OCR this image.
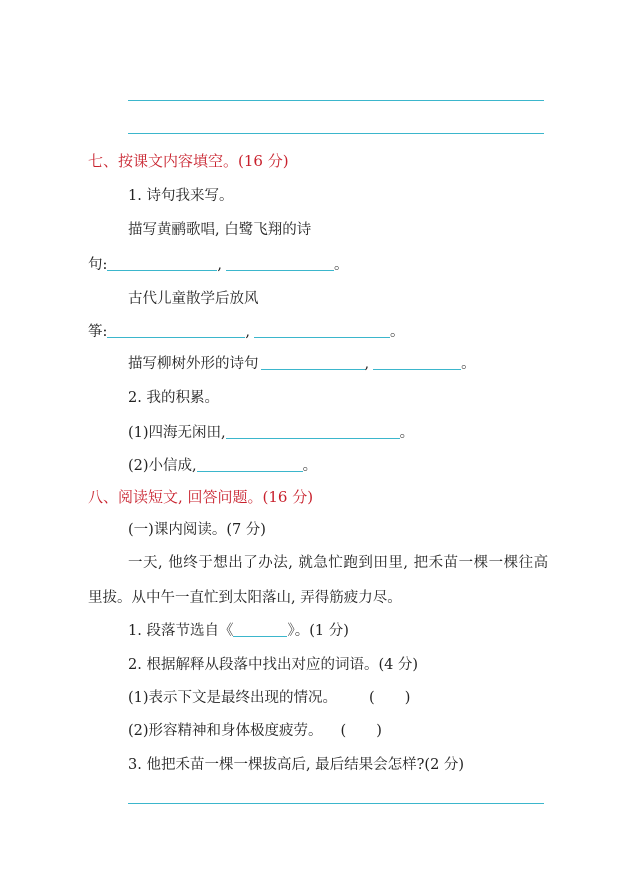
七、按课文内容填空。(16 分)
1. 诗句我来写。
描写黄鹂歌唱, 白鹭飞翔的诗
句:	,	。
古代儿童散学后放风
筝:	,	。
描写柳树外形的诗句	,	。
2. 我的积累。
(1)四海无闲田,	。
(2)小信成,	。
八、阅读短文, 回答问题。(16 分)
(一)课内阅读。(7 分)
一天, 他终于想出了办法, 就急忙跑到田里, 把禾苗一棵一棵往高
里拔。从中午一直忙到太阳落山, 弄得筋疲力尽。
1. 段落节选自《	》。(1 分)
2. 根据解释从段落中找出对应的词语。(4 分)
(1)表示下文是最终出现的情况。 ( )
(2)形容精神和身体极度疲劳。 ( )
3. 他把禾苗一棵一棵拔高后, 最后结果会怎样?(2 分)
